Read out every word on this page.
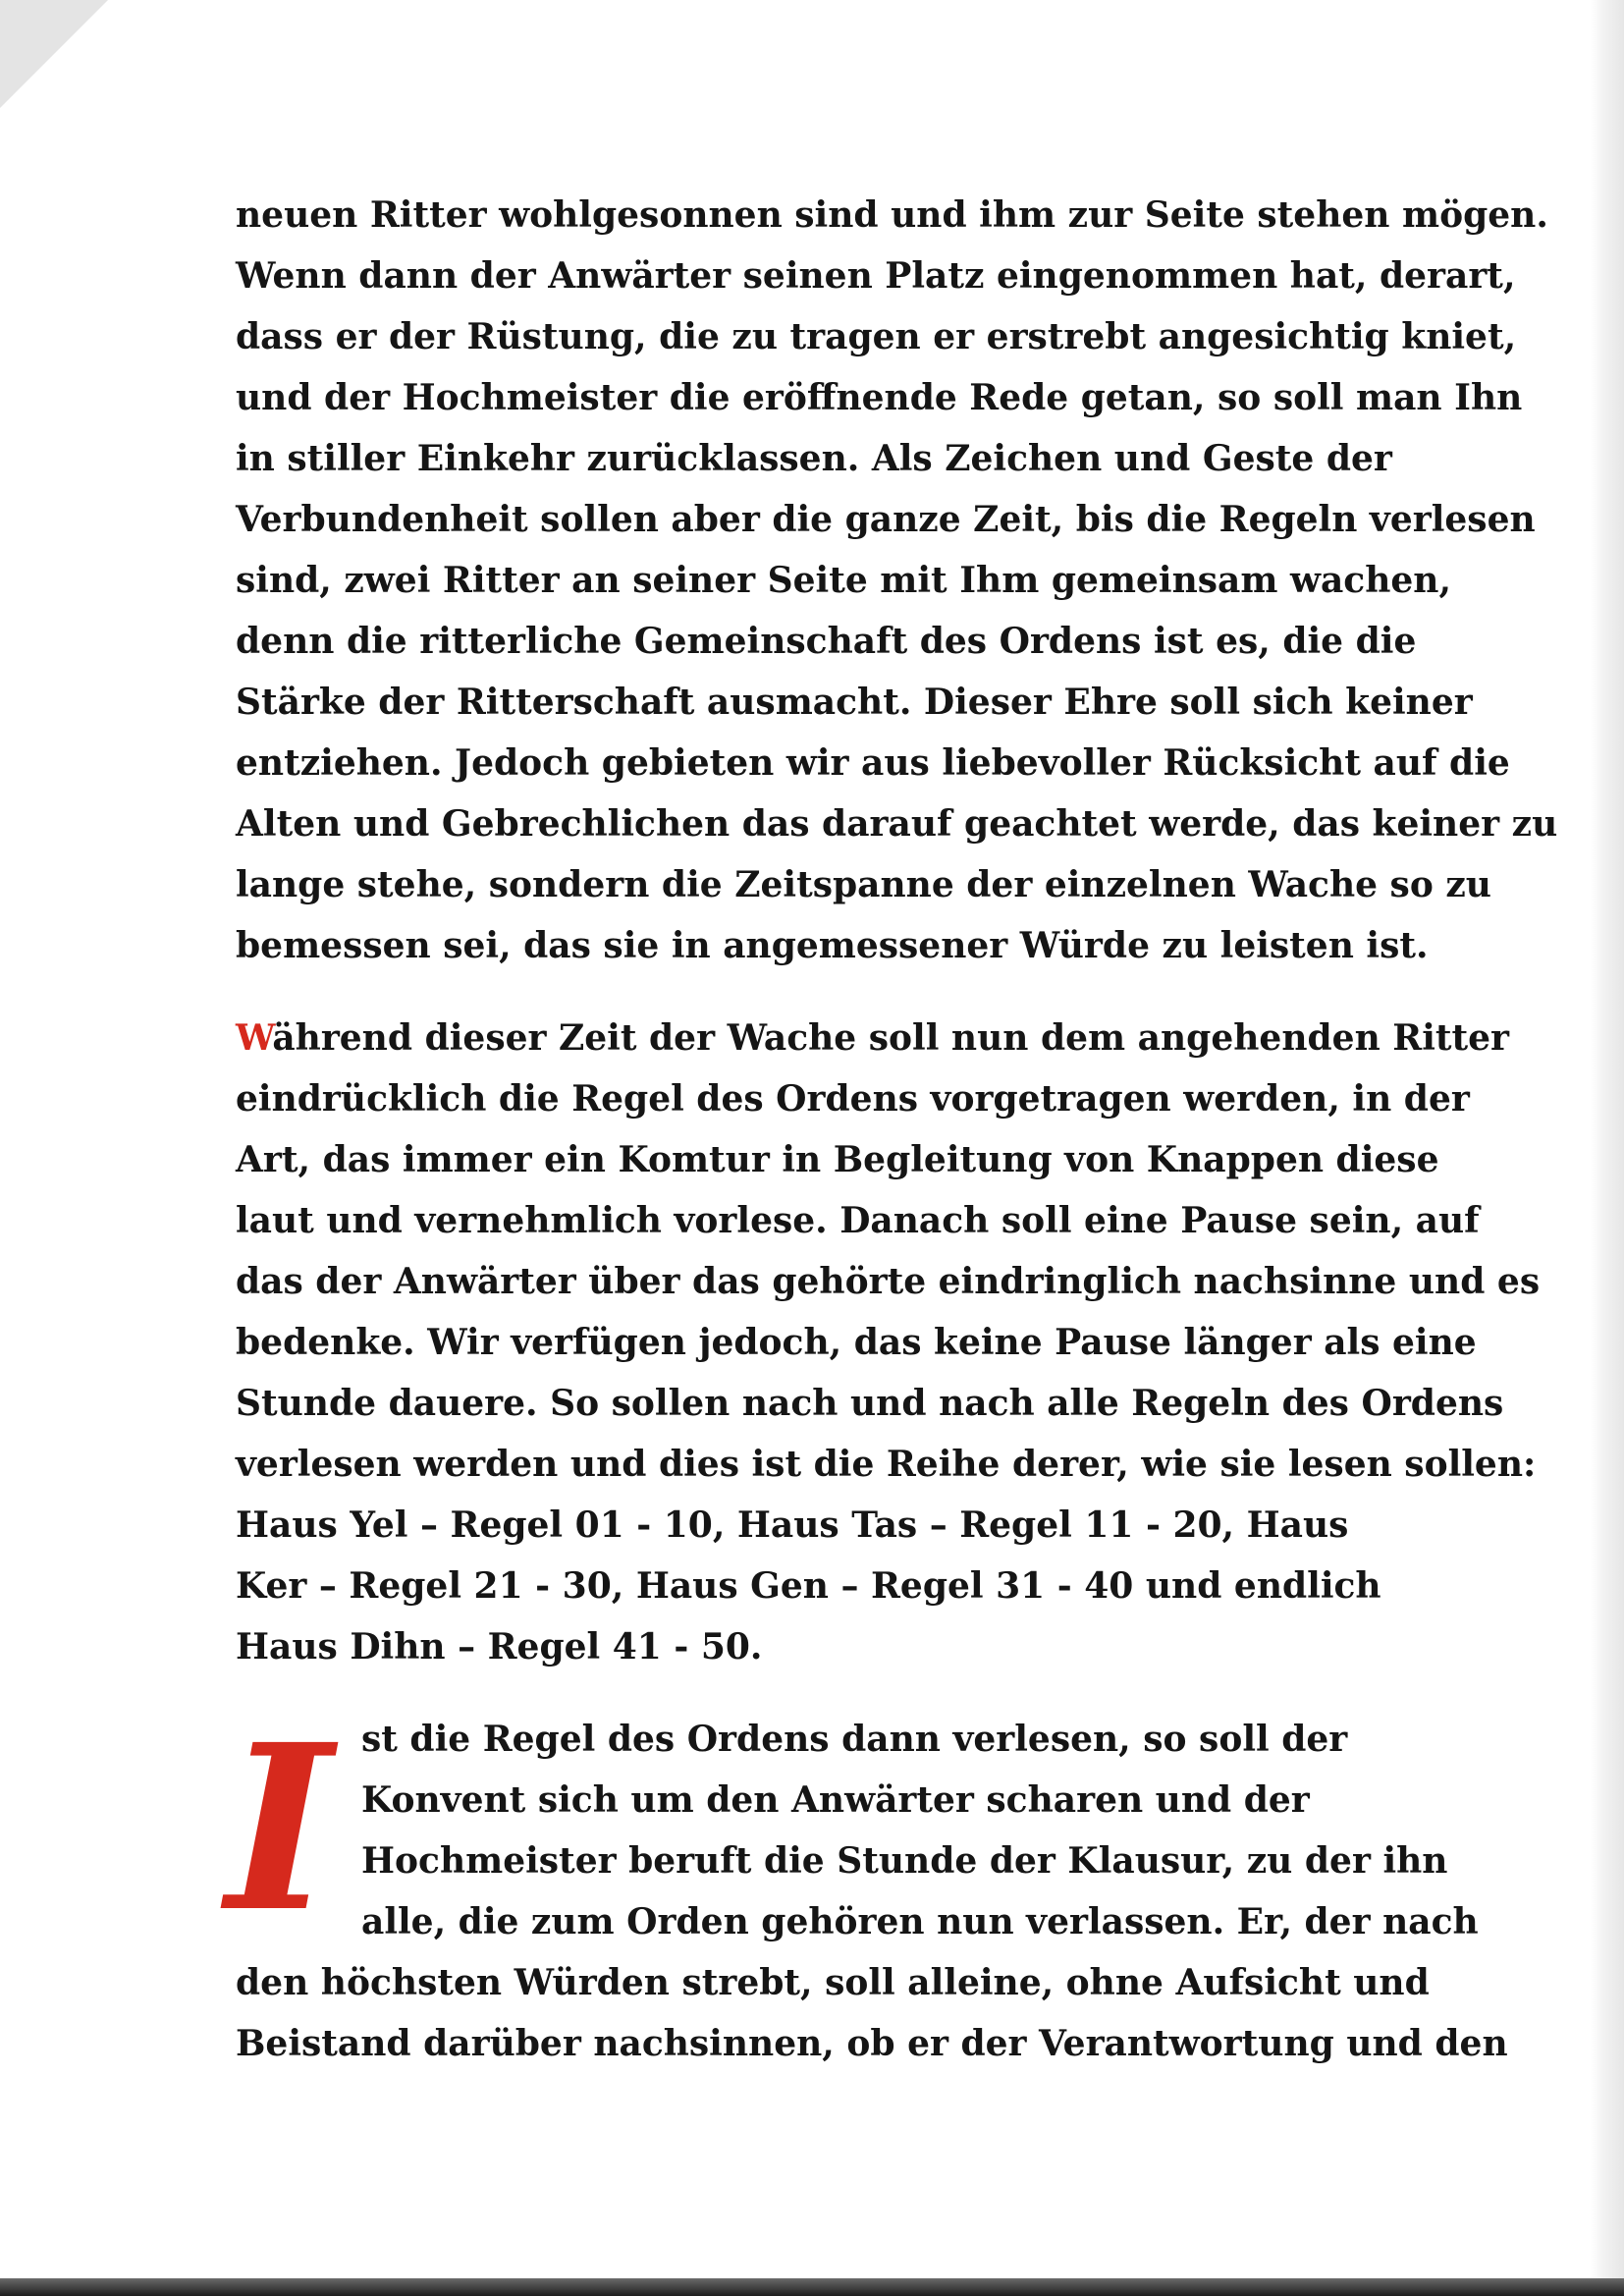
neuen Ritter wohlgesonnen sind und ihm zur Seite stehen mögen.
Wenn dann der Anwärter seinen Platz eingenommen hat, derart,
dass er der Rüstung, die zu tragen er erstrebt angesichtig kniet,
und der Hochmeister die eröffnende Rede getan, so soll man Ihn
in stiller Einkehr zurücklassen. Als Zeichen und Geste der
Verbundenheit sollen aber die ganze Zeit, bis die Regeln verlesen
sind, zwei Ritter an seiner Seite mit Ihm gemeinsam wachen,
denn die ritterliche Gemeinschaft des Ordens ist es, die die
Stärke der Ritterschaft ausmacht. Dieser Ehre soll sich keiner
entziehen. Jedoch gebieten wir aus liebevoller Rücksicht auf die
Alten und Gebrechlichen das darauf geachtet werde, das keiner zu
lange stehe, sondern die Zeitspanne der einzelnen Wache so zu
bemessen sei, das sie in angemessener Würde zu leisten ist.
Während dieser Zeit der Wache soll nun dem angehenden Ritter
eindrücklich die Regel des Ordens vorgetragen werden, in der
Art, das immer ein Komtur in Begleitung von Knappen diese
laut und vernehmlich vorlese. Danach soll eine Pause sein, auf
das der Anwärter über das gehörte eindringlich nachsinne und es
bedenke. Wir verfügen jedoch, das keine Pause länger als eine
Stunde dauere. So sollen nach und nach alle Regeln des Ordens
verlesen werden und dies ist die Reihe derer, wie sie lesen sollen:
Haus Yel – Regel 01 - 10, Haus Tas – Regel 11 - 20, Haus
Ker – Regel 21 - 30, Haus Gen – Regel 31 - 40 und endlich
Haus Dihn – Regel 41 - 50.
I st die Regel des Ordens dann verlesen, so soll der
Konvent sich um den Anwärter scharen und der
Hochmeister beruft die Stunde der Klausur, zu der ihn
alle, die zum Orden gehören nun verlassen. Er, der nach
den höchsten Würden strebt, soll alleine, ohne Aufsicht und
Beistand darüber nachsinnen, ob er der Verantwortung und den
